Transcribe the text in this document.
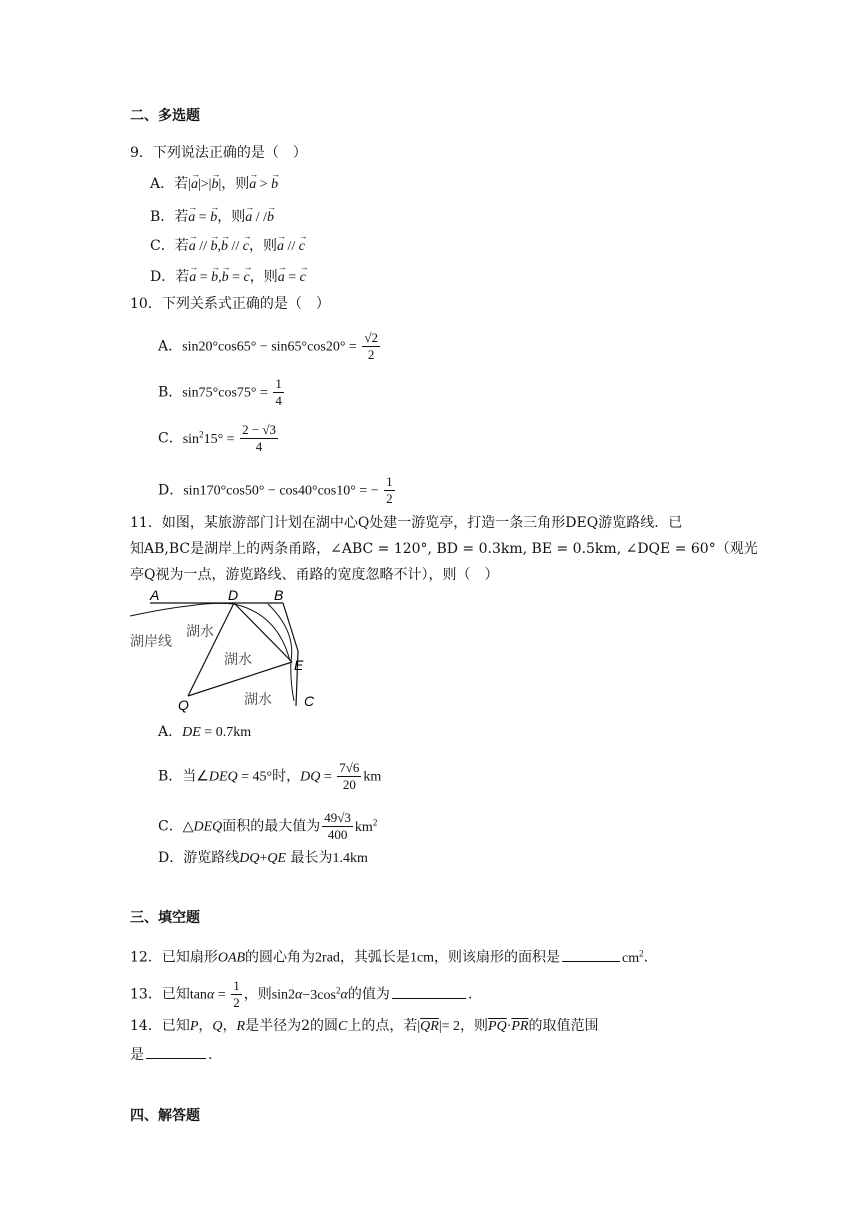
二、多选题
9．下列说法正确的是（　）
A．若|→ a|>|→ b|，则→ a > → b
B．若→ a = → b，则→ a / /→ b
C．若→ a // → b,→ b // → c，则→ a // → c
D．若→ a = → b,→ b = → c，则→ a = → c
10．下列关系式正确的是（　）
A．$\sin 20^\circ\cos 65^\circ - \sin 65^\circ\cos 20^\circ = \frac{√2}{2}$
B．$\sin 75^\circ\cos 75^\circ = \frac{1}{4}$
C．$\sin^215^\circ = \frac{2 - √3}{4}$
D．sin170°cos50° − cos40°cos10° = − $\frac{1}{2}$
11．如图，某旅游部门计划在湖中心Q处建一游览亭，打造一条三角形DEQ游览路线．已
知AB,BC是湖岸上的两条甬路，∠ABC = 120°, BD = 0.3km, BE = 0.5km, ∠DQE = 60°（观光
亭Q视为一点，游览路线、甬路的宽度忽略不计），则（　）
A	D	B
E
C
Q
湖岸线
湖水
湖水
湖水
A．DE = 0.7km
B．当∠DEQ = 45°时，DQ = $\frac{7√6}{20}$ km
C．△DEQ面积的最大值为 $\frac{49√3}{400} km^2$
D．游览路线DQ+QE 最长为1.4km
三、填空题
12．已知扇形OAB的圆心角为2rad，其弧长是1cm，则该扇形的面积是	$cm^2$.
13．已知$\tan\alpha = \frac{1}{2}$ ，则$\sin 2\alpha-3\cos^2\alpha$的值为	.
14．已知P，Q，R是半径为2的圆C上的点，若$|\overline{QR}|= 2$，则$\overline{PQ}\cdot\overline{PR}$的取值范围
是	.
四、解答题
